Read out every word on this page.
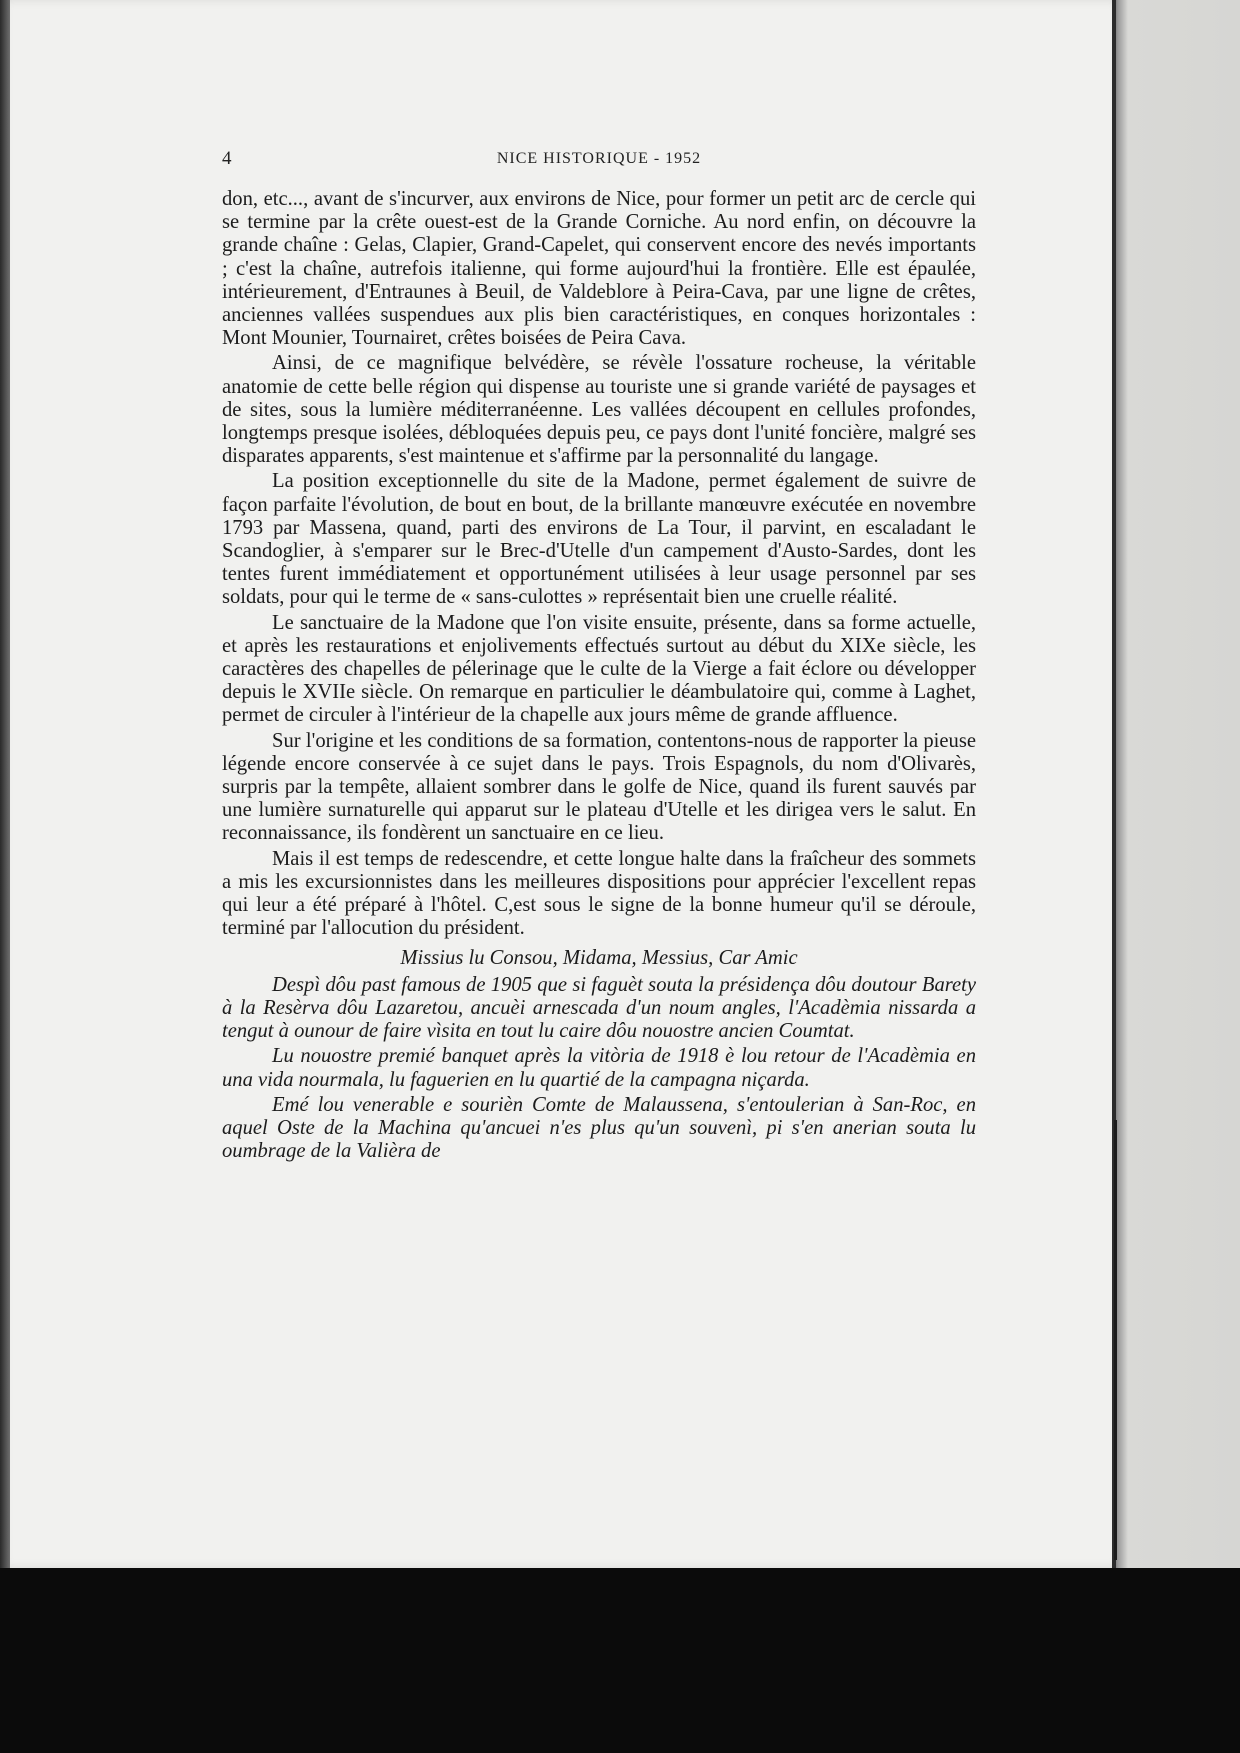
4	NICE HISTORIQUE - 1952

don, etc..., avant de s'incurver, aux environs de Nice, pour former un petit arc de cercle qui se termine par la crête ouest-est de la Grande Corniche. Au nord enfin, on découvre la grande chaîne : Gelas, Clapier, Grand-Capelet, qui conservent encore des nevés importants ; c'est la chaîne, autrefois italienne, qui forme aujourd'hui la frontière. Elle est épaulée, intérieurement, d'Entraunes à Beuil, de Valdeblore à Peira-Cava, par une ligne de crêtes, anciennes vallées suspendues aux plis bien caractéristiques, en conques horizontales : Mont Mounier, Tournairet, crêtes boisées de Peira Cava.

Ainsi, de ce magnifique belvédère, se révèle l'ossature rocheuse, la véritable anatomie de cette belle région qui dispense au touriste une si grande variété de paysages et de sites, sous la lumière méditerranéenne. Les vallées découpent en cellules profondes, longtemps presque isolées, débloquées depuis peu, ce pays dont l'unité foncière, malgré ses disparates apparents, s'est maintenue et s'affirme par la personnalité du langage.

La position exceptionnelle du site de la Madone, permet également de suivre de façon parfaite l'évolution, de bout en bout, de la brillante manœuvre exécutée en novembre 1793 par Massena, quand, parti des environs de La Tour, il parvint, en escaladant le Scandoglier, à s'emparer sur le Brec-d'Utelle d'un campement d'Austo-Sardes, dont les tentes furent immédiatement et opportunément utilisées à leur usage personnel par ses soldats, pour qui le terme de « sans-culottes » représentait bien une cruelle réalité.

Le sanctuaire de la Madone que l'on visite ensuite, présente, dans sa forme actuelle, et après les restaurations et enjolivements effectués surtout au début du XIXe siècle, les caractères des chapelles de pélerinage que le culte de la Vierge a fait éclore ou développer depuis le XVIIe siècle. On remarque en particulier le déambulatoire qui, comme à Laghet, permet de circuler à l'intérieur de la chapelle aux jours même de grande affluence.

Sur l'origine et les conditions de sa formation, contentons-nous de rapporter la pieuse légende encore conservée à ce sujet dans le pays. Trois Espagnols, du nom d'Olivarès, surpris par la tempête, allaient sombrer dans le golfe de Nice, quand ils furent sauvés par une lumière surnaturelle qui apparut sur le plateau d'Utelle et les dirigea vers le salut. En reconnaissance, ils fondèrent un sanctuaire en ce lieu.

Mais il est temps de redescendre, et cette longue halte dans la fraîcheur des sommets a mis les excursionnistes dans les meilleures dispositions pour apprécier l'excellent repas qui leur a été préparé à l'hôtel. C,est sous le signe de la bonne humeur qu'il se déroule, terminé par l'allocution du président.

Missius lu Consou, Midama, Messius, Car Amic

Despì dôu past famous de 1905 que si faguèt souta la présidença dôu doutour Barety à la Resèrva dôu Lazaretou, ancuèi arnescada d'un noum angles, l'Acadèmia nissarda a tengut à ounour de faire vìsita en tout lu caire dôu nouostre ancien Coumtat.

Lu nouostre premié banquet après la vitòria de 1918 è lou retour de l'Acadèmia en una vida nourmala, lu faguerien en lu quartié de la campagna niçarda.

Emé lou venerable e sourièn Comte de Malaussena, s'entoulerian à San-Roc, en aquel Oste de la Machina qu'ancuei n'es plus qu'un souvenì, pi s'en anerian souta lu oumbrage de la Valièra de
